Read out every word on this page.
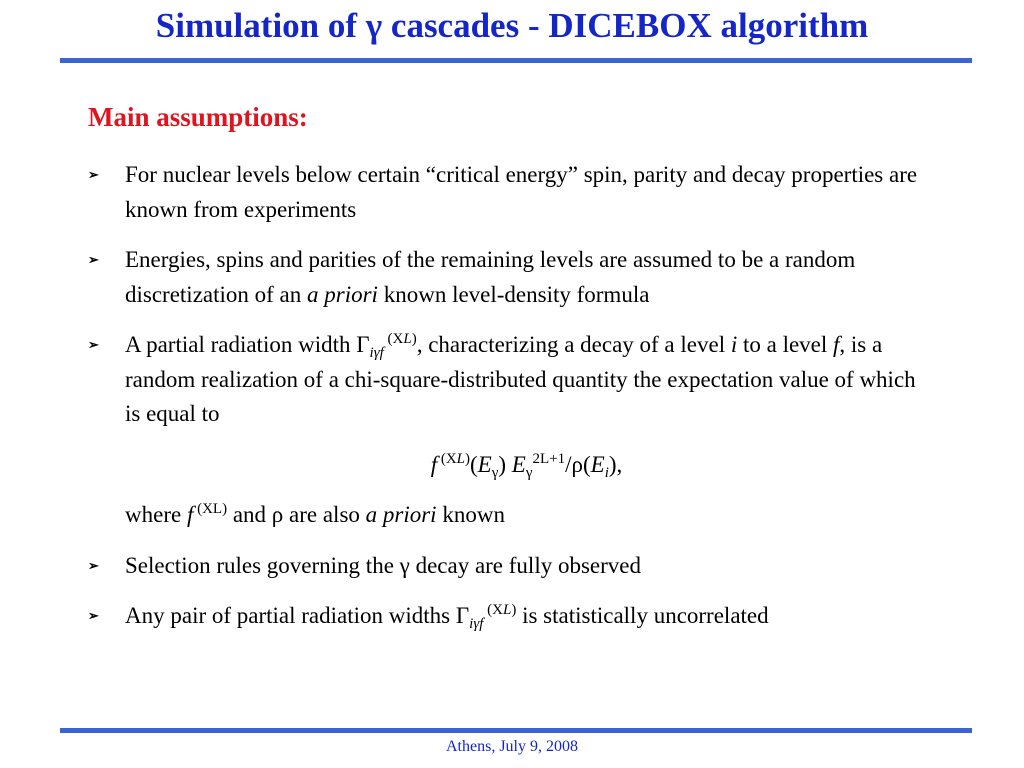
Simulation of γ cascades - DICEBOX algorithm
Main assumptions:
➢ For nuclear levels below certain “critical energy” spin, parity and decay properties are known from experiments
➢ Energies, spins and parities of the remaining levels are assumed to be a random discretization of an a priori known level-density formula
➢ A partial radiation width $\Gamma_{i\gamma f}$ $^{(XL)}$, characterizing a decay of a level i to a level f, is a random realization of a chi-square-distributed quantity the expectation value of which is equal to
f $^{(XL)}(E_\gamma)$ $E_\gamma^{2L+1}/\rho(E_i)$,
where f $^{(XL)}$ and ρ are also a priori known
➢ Selection rules governing the γ decay are fully observed
➢ Any pair of partial radiation widths $\Gamma_{i\gamma f}$ $^{(XL)}$ is statistically uncorrelated
Athens, July 9, 2008
